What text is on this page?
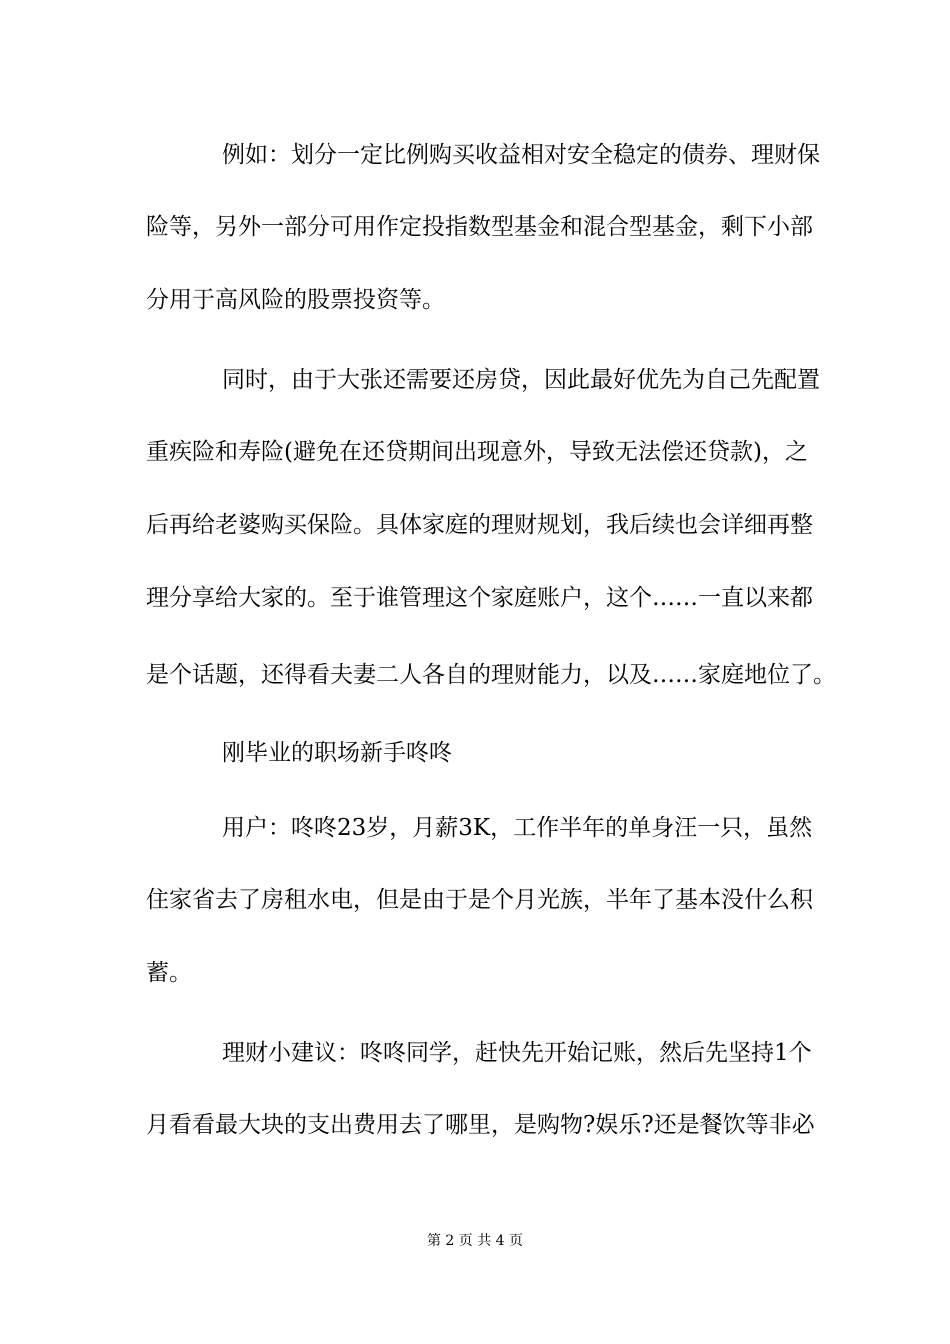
例如：划分一定比例购买收益相对安全稳定的债券、理财保
险等，另外一部分可用作定投指数型基金和混合型基金，剩下小部
分用于高风险的股票投资等。
同时，由于大张还需要还房贷，因此最好优先为自己先配置
重疾险和寿险(避免在还贷期间出现意外，导致无法偿还贷款)，之
后再给老婆购买保险。具体家庭的理财规划，我后续也会详细再整
理分享给大家的。至于谁管理这个家庭账户，这个……一直以来都
是个话题，还得看夫妻二人各自的理财能力，以及……家庭地位了。
刚毕业的职场新手咚咚
用户：咚咚23岁，月薪3K，工作半年的单身汪一只，虽然
住家省去了房租水电，但是由于是个月光族，半年了基本没什么积
蓄。
理财小建议：咚咚同学，赶快先开始记账，然后先坚持1个
月看看最大块的支出费用去了哪里，是购物?娱乐?还是餐饮等非必
第 2 页 共 4 页
